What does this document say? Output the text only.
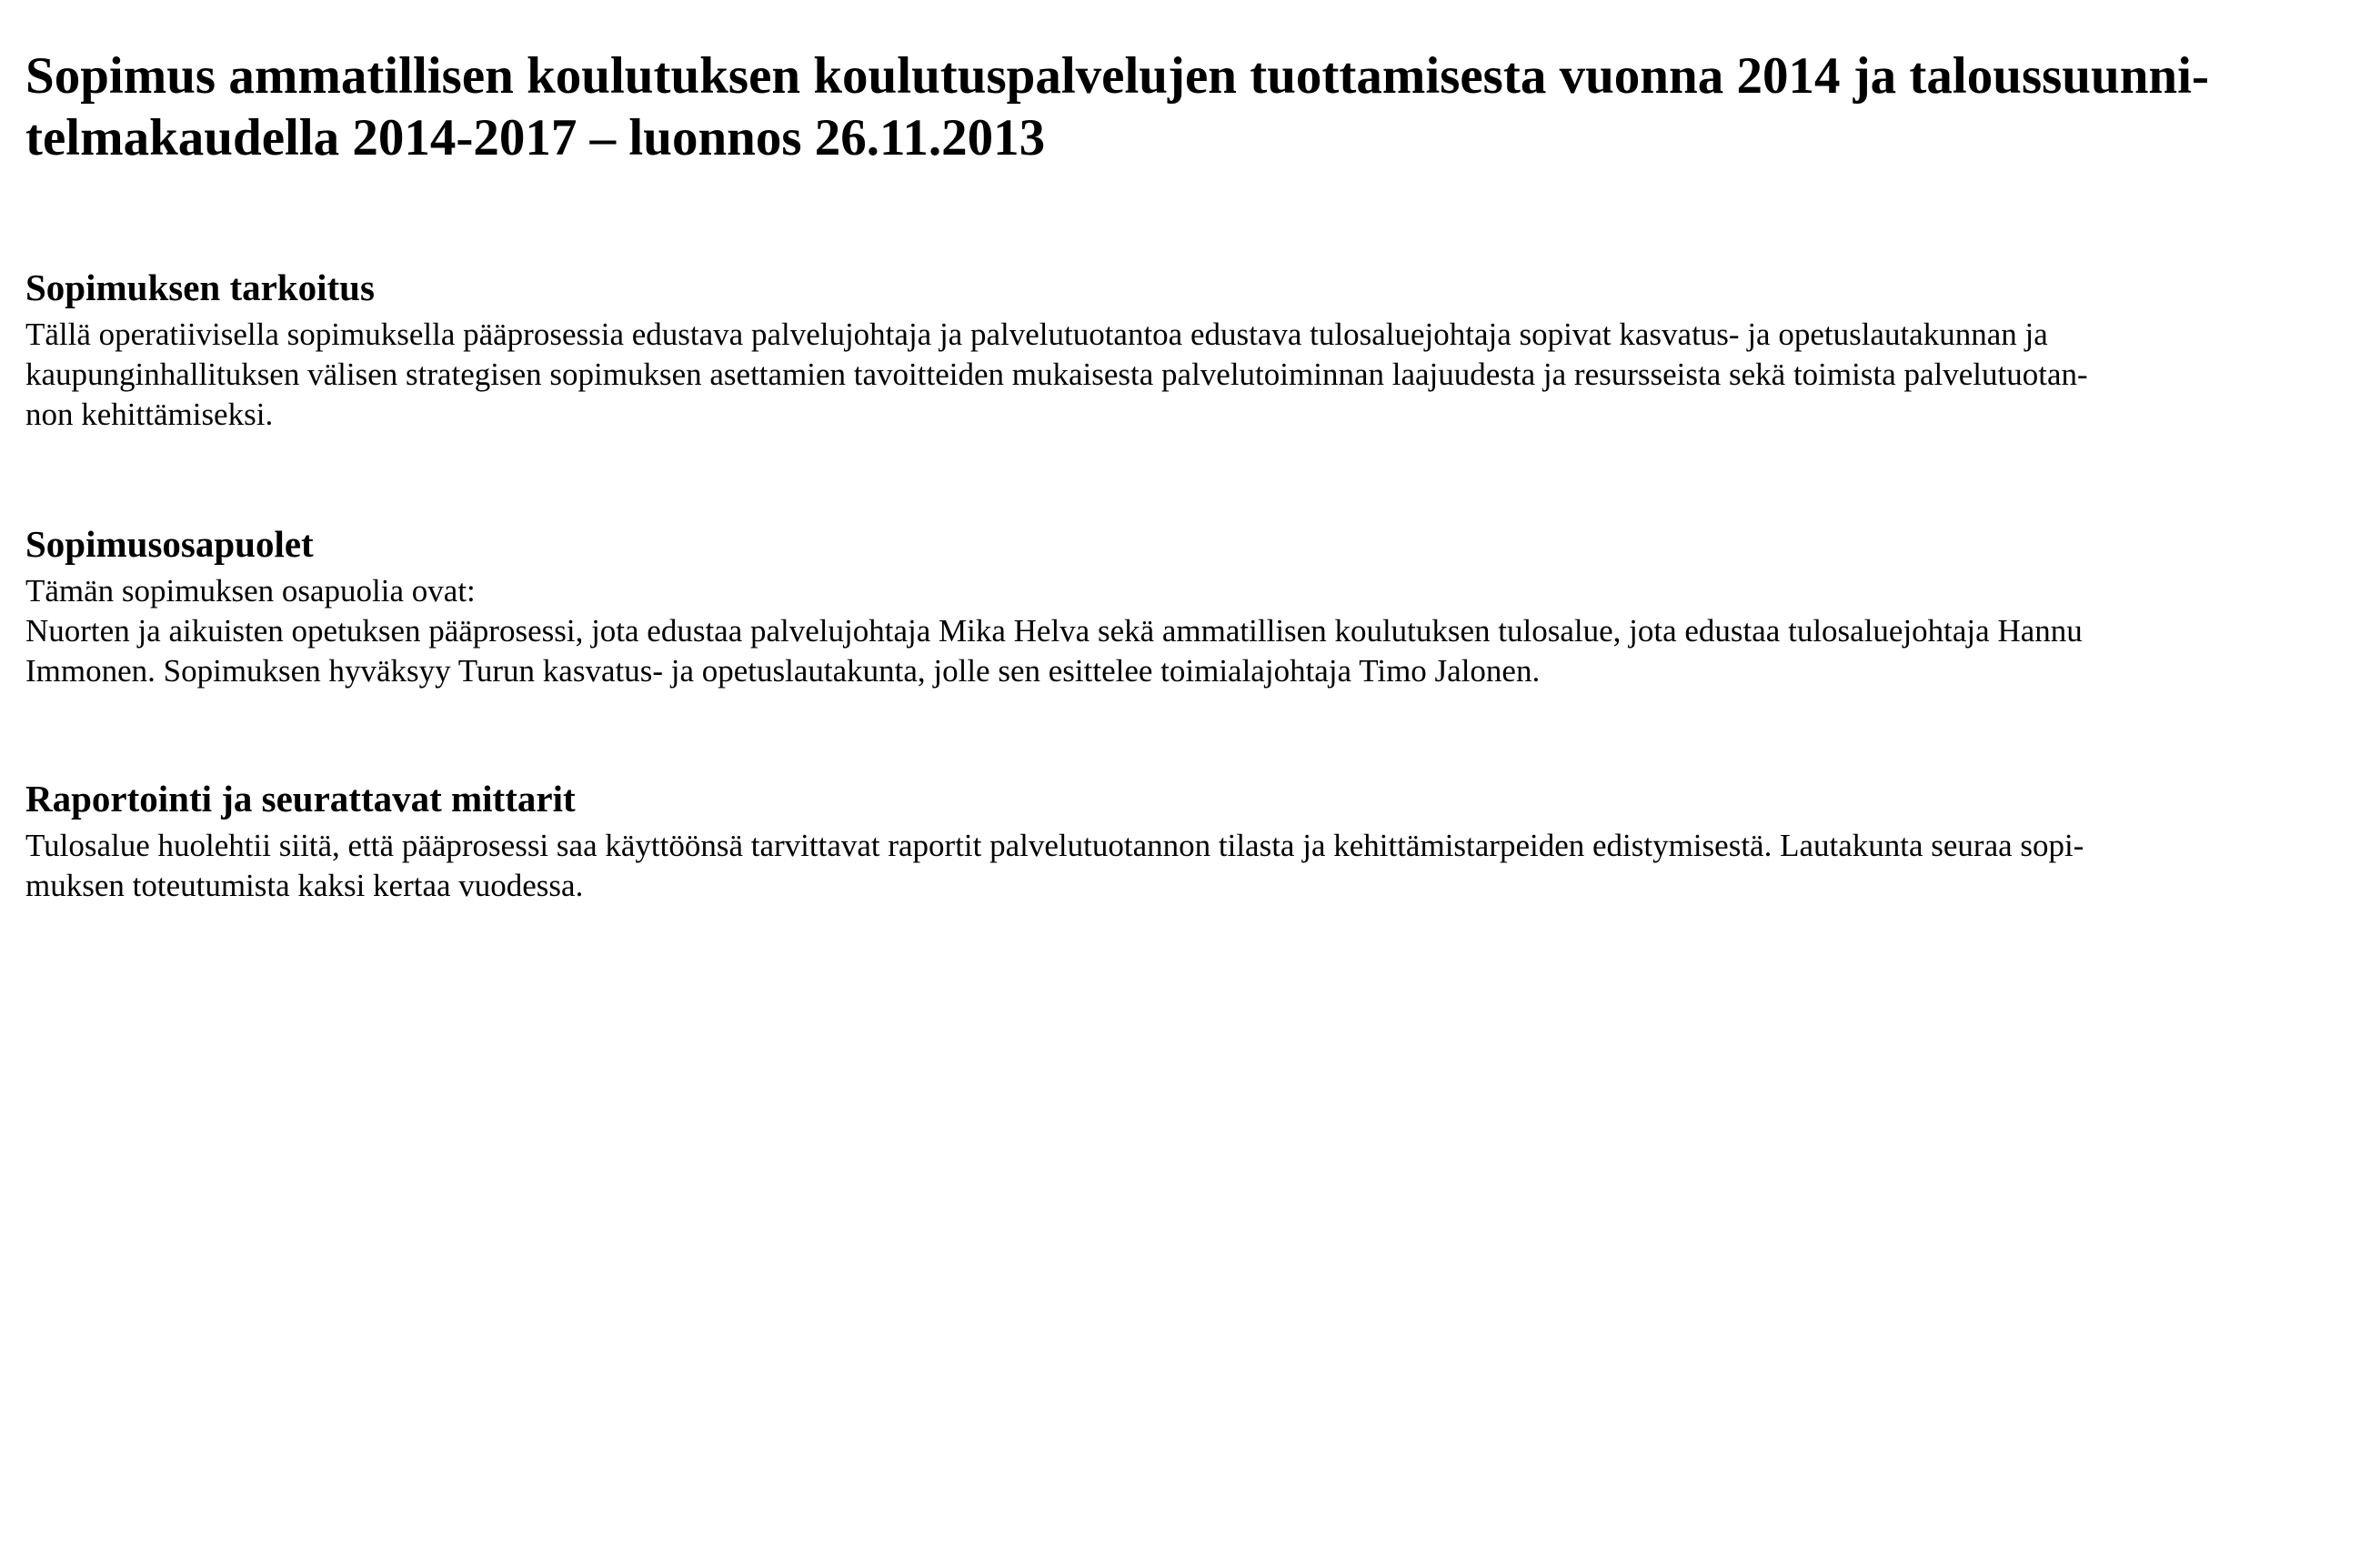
Sopimus ammatillisen koulutuksen koulutuspalvelujen tuottamisesta vuonna 2014 ja taloussuunni-
telmakaudella 2014-2017 – luonnos 26.11.2013
Sopimuksen tarkoitus

Tällä operatiivisella sopimuksella pääprosessia edustava palvelujohtaja ja palvelutuotantoa edustava tulosaluejohtaja sopivat kasvatus- ja opetuslautakunnan ja
kaupunginhallituksen välisen strategisen sopimuksen asettamien tavoitteiden mukaisesta palvelutoiminnan laajuudesta ja resursseista sekä toimista palvelutuotan-
non kehittämiseksi.

Sopimusosapuolet

Tämän sopimuksen osapuolia ovat:
Nuorten ja aikuisten opetuksen pääprosessi, jota edustaa palvelujohtaja Mika Helva sekä ammatillisen koulutuksen tulosalue, jota edustaa tulosaluejohtaja Hannu
Immonen. Sopimuksen hyväksyy Turun kasvatus- ja opetuslautakunta, jolle sen esittelee toimialajohtaja Timo Jalonen.

Raportointi ja seurattavat mittarit

Tulosalue huolehtii siitä, että pääprosessi saa käyttöönsä tarvittavat raportit palvelutuotannon tilasta ja kehittämistarpeiden edistymisestä. Lautakunta seuraa sopi-
muksen toteutumista kaksi kertaa vuodessa.
